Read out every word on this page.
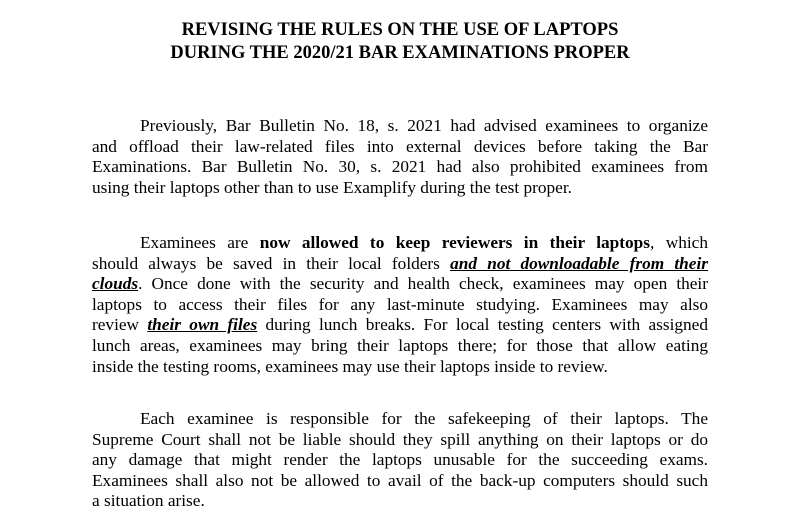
REVISING THE RULES ON THE USE OF LAPTOPS
DURING THE 2020/21 BAR EXAMINATIONS PROPER
Previously, Bar Bulletin No. 18, s. 2021 had advised examinees to organize
and offload their law-related files into external devices before taking the Bar
Examinations. Bar Bulletin No. 30, s. 2021 had also prohibited examinees from
using their laptops other than to use Examplify during the test proper.
Examinees are now allowed to keep reviewers in their laptops, which
should always be saved in their local folders and not downloadable from their
clouds. Once done with the security and health check, examinees may open their
laptops to access their files for any last-minute studying. Examinees may also
review their own files during lunch breaks. For local testing centers with assigned
lunch areas, examinees may bring their laptops there; for those that allow eating
inside the testing rooms, examinees may use their laptops inside to review.
Each examinee is responsible for the safekeeping of their laptops. The
Supreme Court shall not be liable should they spill anything on their laptops or do
any damage that might render the laptops unusable for the succeeding exams.
Examinees shall also not be allowed to avail of the back-up computers should such
a situation arise.
